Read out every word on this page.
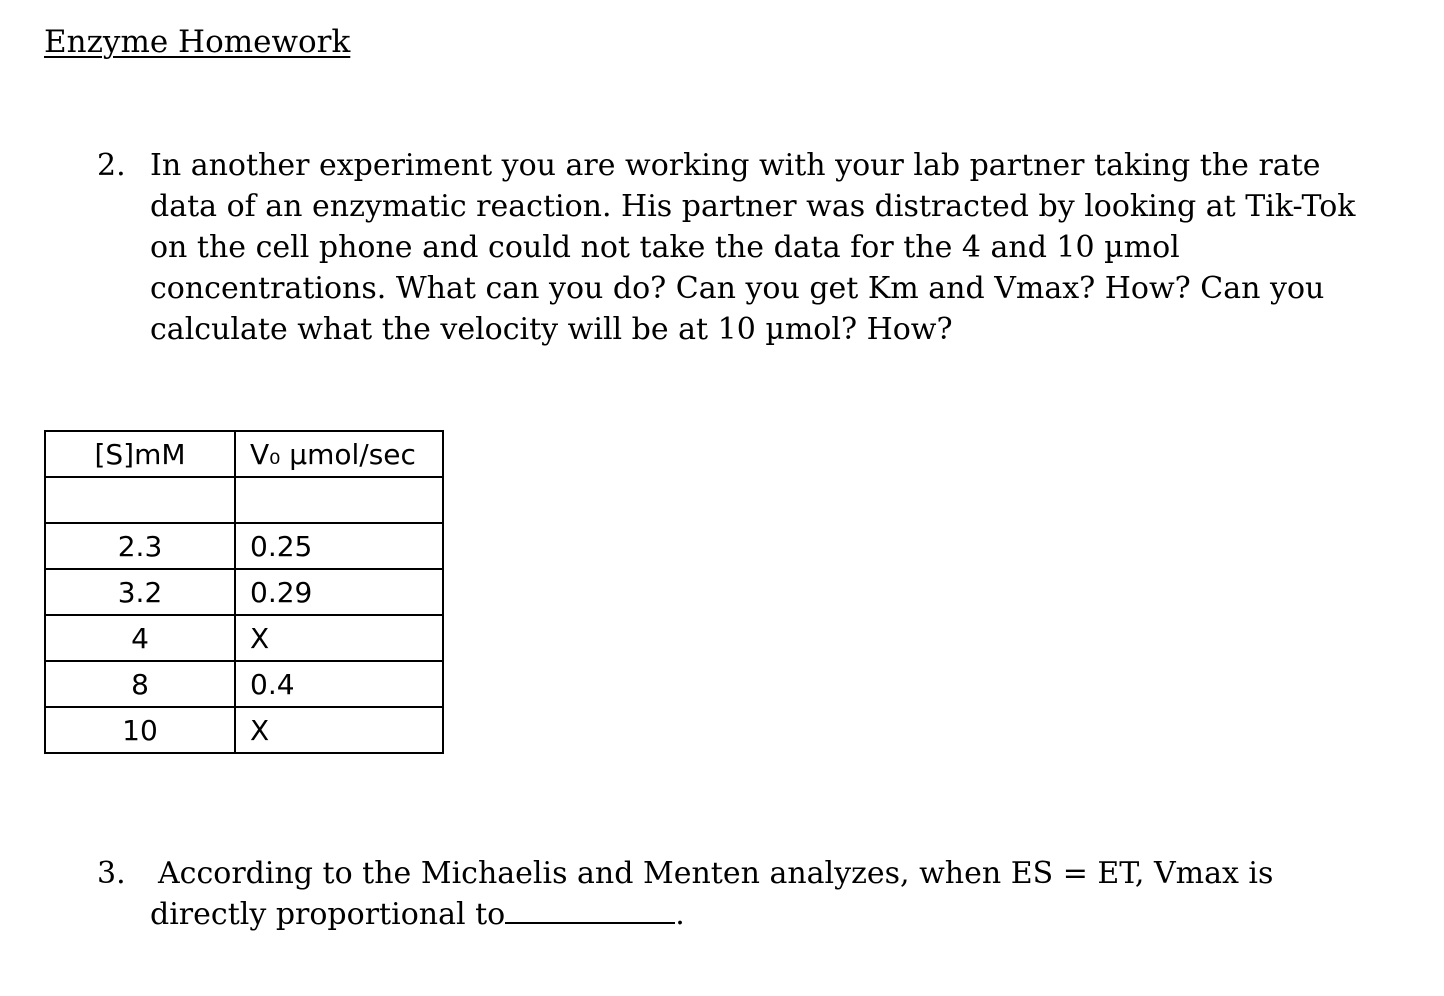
Enzyme Homework
2. In another experiment you are working with your lab partner taking the rate
data of an enzymatic reaction. His partner was distracted by looking at Tik-Tok
on the cell phone and could not take the data for the 4 and 10 µmol
concentrations. What can you do? Can you get Km and Vmax? How? Can you
calculate what the velocity will be at 10 µmol? How?
[S]mM	V₀ µmol/sec

2.3	0.25
3.2	0.29
4	X
8	0.4
10	X
3. According to the Michaelis and Menten analyzes, when ES = ET, Vmax is
directly proportional to	.
